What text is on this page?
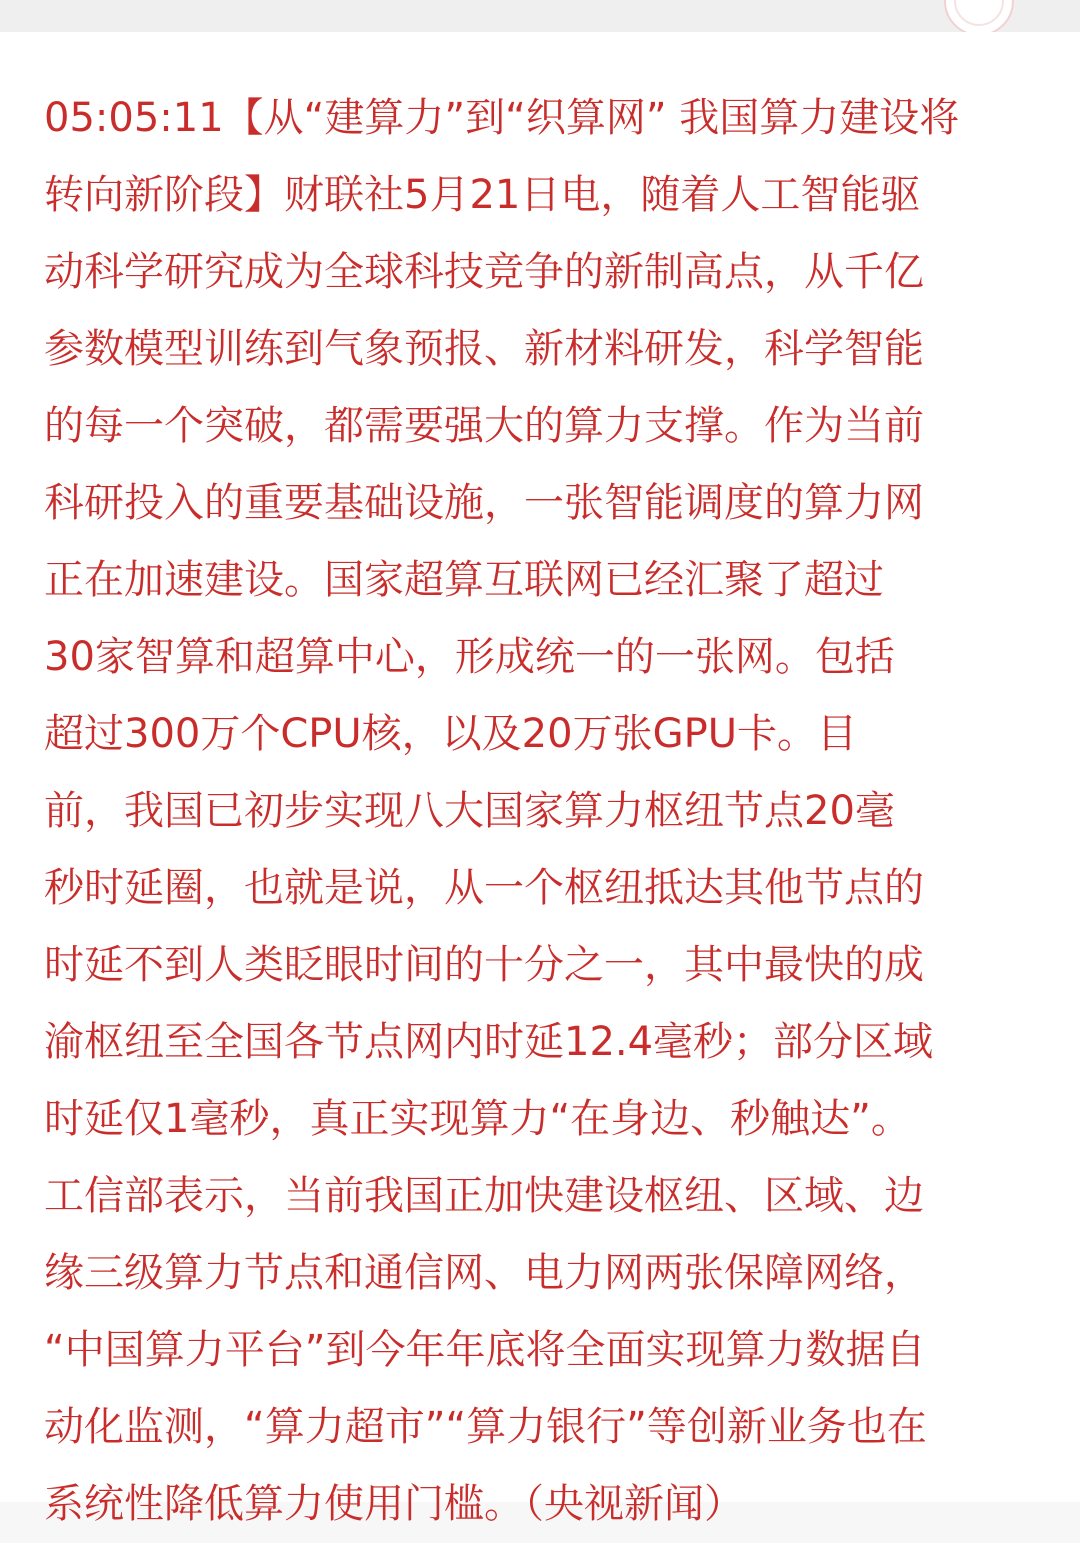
05:05:11【从“建算力”到“织算网” 我国算力建设将
转向新阶段】财联社5月21日电，随着人工智能驱
动科学研究成为全球科技竞争的新制高点，从千亿
参数模型训练到气象预报、新材料研发，科学智能
的每一个突破，都需要强大的算力支撑。作为当前
科研投入的重要基础设施，一张智能调度的算力网
正在加速建设。国家超算互联网已经汇聚了超过
30家智算和超算中心，形成统一的一张网。包括
超过300万个CPU核，以及20万张GPU卡。目
前，我国已初步实现八大国家算力枢纽节点20毫
秒时延圈，也就是说，从一个枢纽抵达其他节点的
时延不到人类眨眼时间的十分之一，其中最快的成
渝枢纽至全国各节点网内时延12.4毫秒；部分区域
时延仅1毫秒，真正实现算力“在身边、秒触达”。
工信部表示，当前我国正加快建设枢纽、区域、边
缘三级算力节点和通信网、电力网两张保障网络，
“中国算力平台”到今年年底将全面实现算力数据自
动化监测，“算力超市”“算力银行”等创新业务也在
系统性降低算力使用门槛。（央视新闻）
